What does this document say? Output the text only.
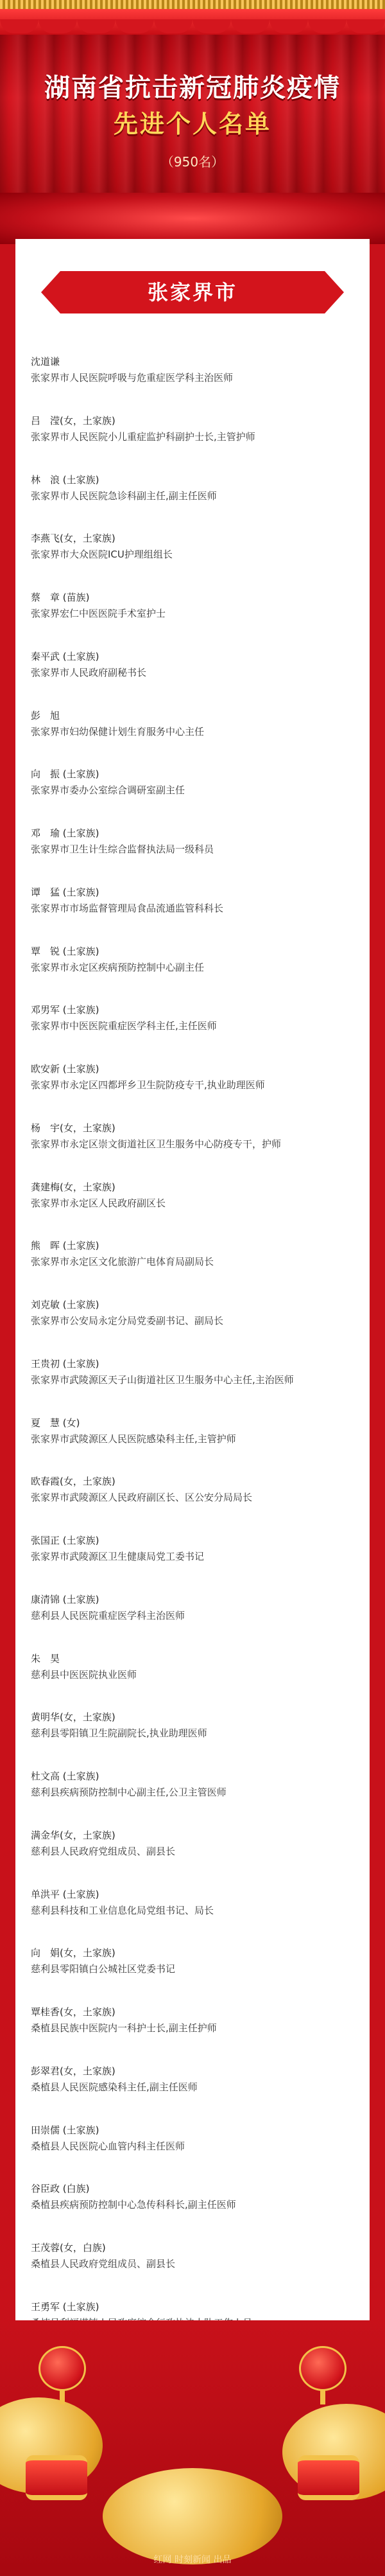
湖南省抗击新冠肺炎疫情
先进个人名单
（950名）
张家界市
沈道谦
张家界市人民医院呼吸与危重症医学科主治医师
吕　滢(女，土家族)
张家界市人民医院小儿重症监护科副护士长,主管护师
林　浪 (土家族)
张家界市人民医院急诊科副主任,副主任医师
李燕飞(女，土家族)
张家界市大众医院ICU护理组组长
蔡　章 (苗族)
张家界宏仁中医医院手术室护士
秦平武 (土家族)
张家界市人民政府副秘书长
彭　旭
张家界市妇幼保健计划生育服务中心主任
向　振 (土家族)
张家界市委办公室综合调研室副主任
邓　瑜 (土家族)
张家界市卫生计生综合监督执法局一级科员
谭　猛 (土家族)
张家界市市场监督管理局食品流通监管科科长
覃　锐 (土家族)
张家界市永定区疾病预防控制中心副主任
邓男军 (土家族)
张家界市中医医院重症医学科主任,主任医师
欧安新 (土家族)
张家界市永定区四都坪乡卫生院防疫专干,执业助理医师
杨　宇(女，土家族)
张家界市永定区崇文街道社区卫生服务中心防疫专干，护师
龚建梅(女，土家族)
张家界市永定区人民政府副区长
熊　晖 (土家族)
张家界市永定区文化旅游广电体育局副局长
刘克敏 (土家族)
张家界市公安局永定分局党委副书记、副局长
王贵初 (土家族)
张家界市武陵源区天子山街道社区卫生服务中心主任,主治医师
夏　慧 (女)
张家界市武陵源区人民医院感染科主任,主管护师
欧春霞(女，土家族)
张家界市武陵源区人民政府副区长、区公安分局局长
张国正 (土家族)
张家界市武陵源区卫生健康局党工委书记
康清锦 (土家族)
慈利县人民医院重症医学科主治医师
朱　昊
慈利县中医医院执业医师
黄明华(女，土家族)
慈利县零阳镇卫生院副院长,执业助理医师
杜文高 (土家族)
慈利县疾病预防控制中心副主任,公卫主管医师
满金华(女，土家族)
慈利县人民政府党组成员、副县长
单洪平 (土家族)
慈利县科技和工业信息化局党组书记、局长
向　娟(女，土家族)
慈利县零阳镇白公城社区党委书记
覃桂香(女，土家族)
桑植县民族中医院内一科护士长,副主任护师
彭翠君(女，土家族)
桑植县人民医院感染科主任,副主任医师
田崇儒 (土家族)
桑植县人民医院心血管内科主任医师
谷臣政 (白族)
桑植县疾病预防控制中心急传科科长,副主任医师
王茂蓉(女，白族)
桑植县人民政府党组成员、副县长
王勇军 (土家族)
红网 时刻新闻 出品
